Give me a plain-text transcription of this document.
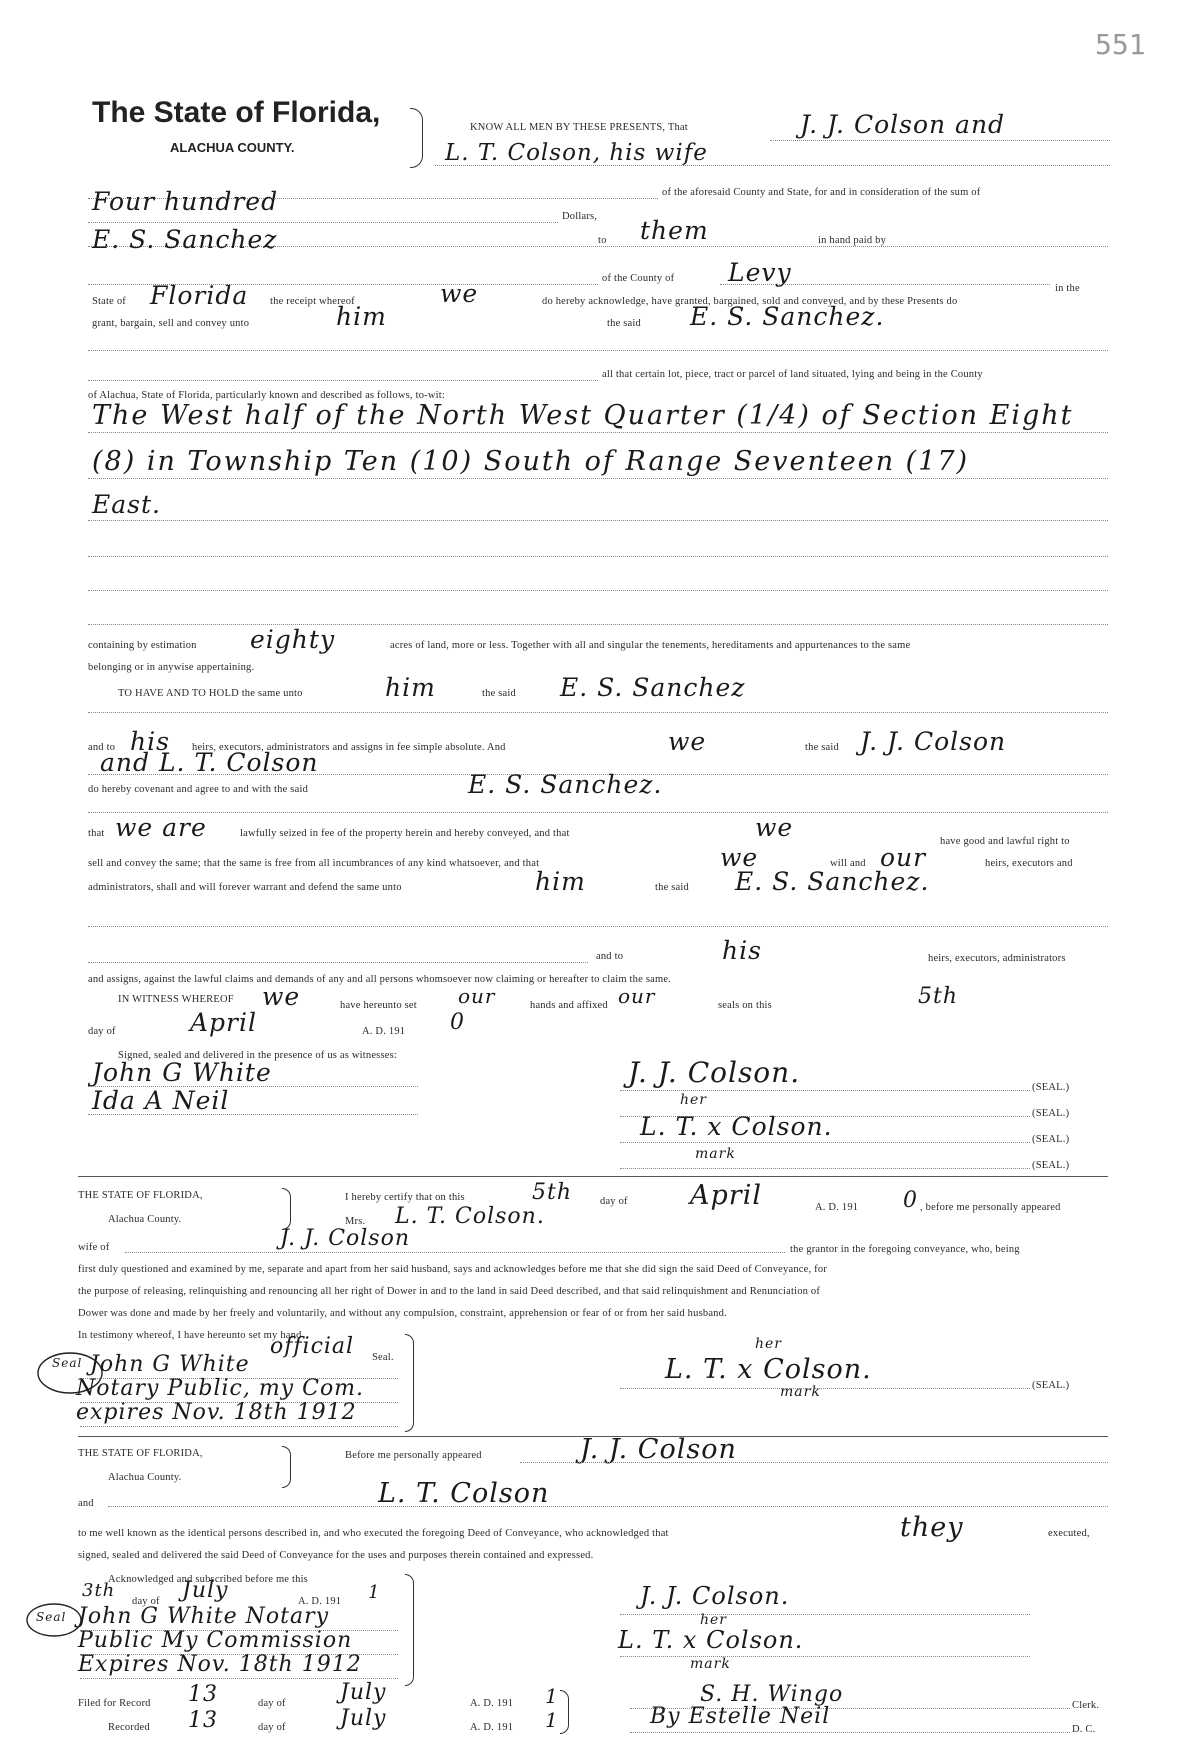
551
The State of Florida,
ALACHUA COUNTY.
KNOW ALL MEN BY THESE PRESENTS, That	J. J. Colson and
L. T. Colson, his wife
of the aforesaid County and State, for and in consideration of the sum of
Four hundred
Dollars,
E. S. Sanchez	to them	in hand paid by
of the County of Levy
in the
State of Florida the receipt whereof	we	do hereby acknowledge, have granted, bargained, sold and conveyed, and by these Presents do
grant, bargain, sell and convey unto	him	the said E. S. Sanchez.
all that certain lot, piece, tract or parcel of land situated, lying and being in the County
of Alachua, State of Florida, particularly known and described as follows, to-wit:
The West half of the North West Quarter (1/4) of Section Eight
(8) in Township Ten (10) South of Range Seventeen (17)
East.
containing by estimation eighty	acres of land, more or less. Together with all and singular the tenements, hereditaments and appurtenances to the same
belonging or in anywise appertaining.
TO HAVE AND TO HOLD the same unto	him	the said E. S. Sanchez
and to his heirs, executors, administrators and assigns in fee simple absolute. And	we	the said J. J. Colson
and L. T. Colson
do hereby covenant and agree to and with the said	E. S. Sanchez.
that we are	lawfully seized in fee of the property herein and hereby conveyed, and that	we	have good and lawful right to
sell and convey the same; that the same is free from all incumbrances of any kind whatsoever, and that	we	will and our	heirs, executors and
administrators, shall and will forever warrant and defend the same unto	him	the said E. S. Sanchez.
and to	his	heirs, executors, administrators
and assigns, against the lawful claims and demands of any and all persons whomsoever now claiming or hereafter to claim the same.
IN WITNESS WHEREOF we	have hereunto set our	hands and affixed our	seals on this	5th
day of	April	A. D. 191 0
Signed, sealed and delivered in the presence of us as witnesses:
John G White
Ida A Neil
J. J. Colson.	(SEAL.)
her
(SEAL.)
L. T. x Colson.	(SEAL.)
mark
(SEAL.)
THE STATE OF FLORIDA,
Alachua County.
I hereby certify that on this	5th	day of April	A. D. 191 0 , before me personally appeared
Mrs. L. T. Colson.
wife of	J. J. Colson	the grantor in the foregoing conveyance, who, being
first duly questioned and examined by me, separate and apart from her said husband, says and acknowledges before me that she did sign the said Deed of Conveyance, for
the purpose of releasing, relinquishing and renouncing all her right of Dower in and to the land in said Deed described, and that said relinquishment and Renunciation of
Dower was done and made by her freely and voluntarily, and without any compulsion, constraint, apprehension or fear of or from her said husband.
In testimony whereof, I have hereunto set my hand
official Seal.
Seal John G White
Notary Public, my Com.
expires Nov. 18th 1912
her
L. T. x Colson.
mark	(SEAL.)
THE STATE OF FLORIDA,
Alachua County.
Before me personally appeared	J. J. Colson
and	L. T. Colson
to me well known as the identical persons described in, and who executed the foregoing Deed of Conveyance, who acknowledged that	they	executed,
signed, sealed and delivered the said Deed of Conveyance for the uses and purposes therein contained and expressed.
Acknowledged and subscribed before me this
3th
day of July	A. D. 191 1
Seal John G White Notary
Public My Commission
Expires Nov. 18th 1912
J. J. Colson.
her
L. T. x Colson.
mark
Filed for Record 13	day of July	A. D. 191 1
Recorded 13	day of July	A. D. 191 1
S. H. Wingo	Clerk.
By Estelle Neil
D. C.
